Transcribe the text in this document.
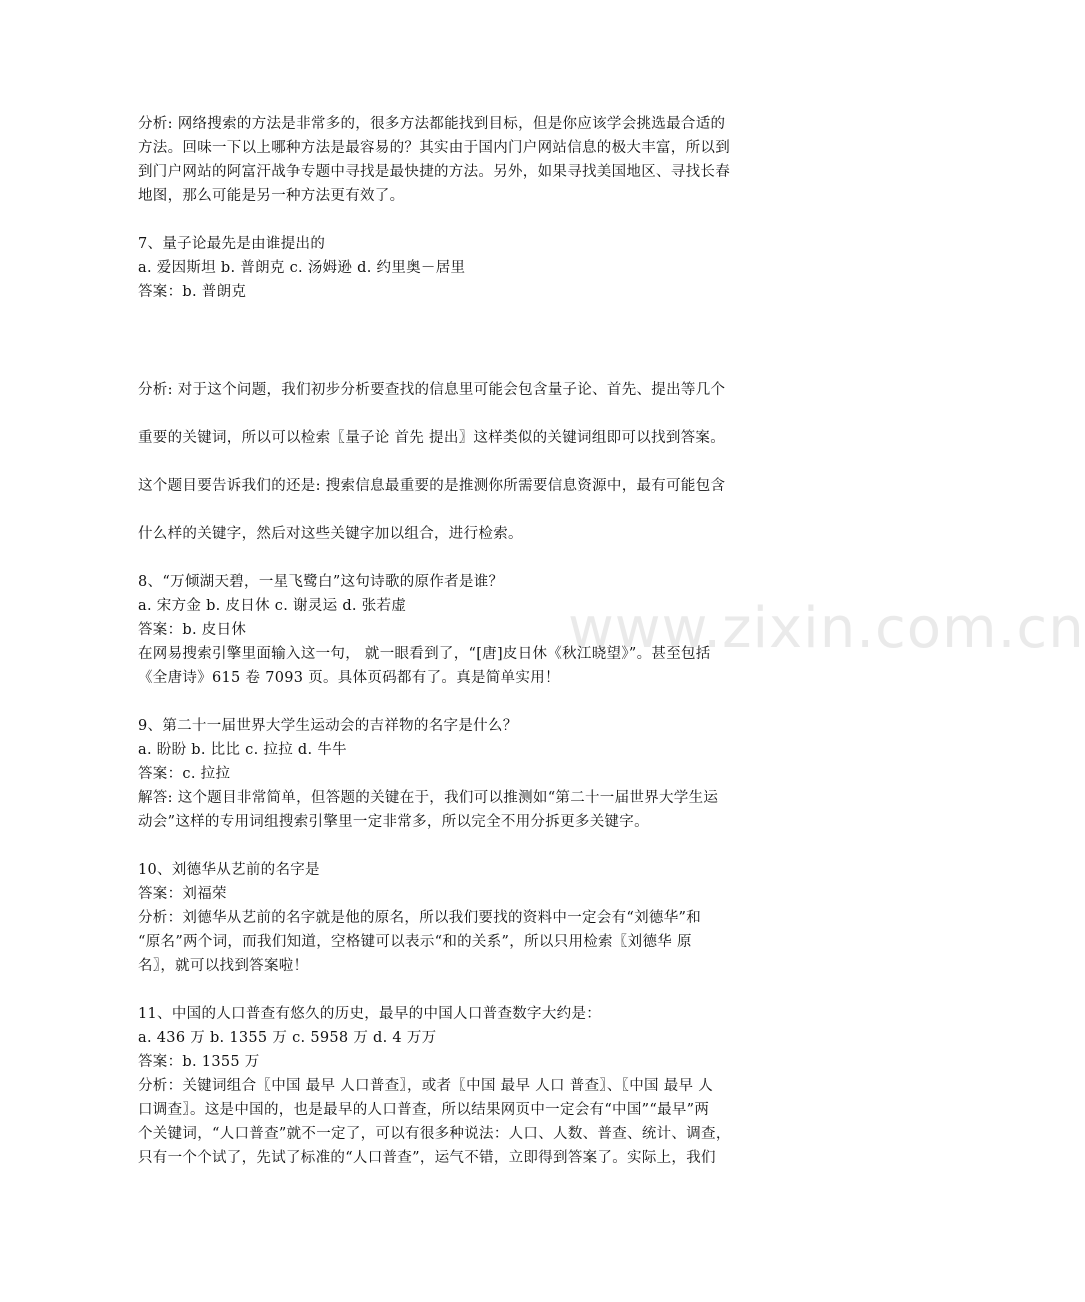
www.zixin.com.cn
分析: 网络搜索的方法是非常多的，很多方法都能找到目标，但是你应该学会挑选最合适的
方法。回味一下以上哪种方法是最容易的？其实由于国内门户网站信息的极大丰富，所以到
到门户网站的阿富汗战争专题中寻找是最快捷的方法。另外，如果寻找美国地区、寻找长春
地图，那么可能是另一种方法更有效了。
7、量子论最先是由谁提出的
a. 爱因斯坦 b. 普朗克 c. 汤姆逊 d. 约里奥－居里
答案：b. 普朗克
分析: 对于这个问题，我们初步分析要查找的信息里可能会包含量子论、首先、提出等几个
重要的关键词，所以可以检索〖量子论 首先 提出〗这样类似的关键词组即可以找到答案。
这个题目要告诉我们的还是: 搜索信息最重要的是推测你所需要信息资源中，最有可能包含
什么样的关键字，然后对这些关键字加以组合，进行检索。
8、“万倾湖天碧，一星飞鹭白”这句诗歌的原作者是谁？
a. 宋方金 b. 皮日休 c. 谢灵运 d. 张若虚
答案：b. 皮日休
在网易搜索引擎里面输入这一句， 就一眼看到了，“[唐]皮日休《秋江晓望》”。甚至包括
《全唐诗》615 卷 7093 页。具体页码都有了。真是简单实用！
9、第二十一届世界大学生运动会的吉祥物的名字是什么？
a. 盼盼 b. 比比 c. 拉拉 d. 牛牛
答案：c. 拉拉
解答: 这个题目非常简单，但答题的关键在于，我们可以推测如“第二十一届世界大学生运
动会”这样的专用词组搜索引擎里一定非常多，所以完全不用分拆更多关键字。
10、刘德华从艺前的名字是
答案：刘福荣
分析：刘德华从艺前的名字就是他的原名，所以我们要找的资料中一定会有“刘德华”和
“原名”两个词，而我们知道，空格键可以表示“和的关系”，所以只用检索〖刘德华 原
名〗，就可以找到答案啦！
11、中国的人口普查有悠久的历史，最早的中国人口普查数字大约是：
a. 436 万 b. 1355 万 c. 5958 万 d. 4 万万
答案：b. 1355 万
分析：关键词组合〖中国 最早 人口普查〗，或者〖中国 最早 人口 普查〗、〖中国 最早 人
口调查〗。这是中国的，也是最早的人口普查，所以结果网页中一定会有“中国”“最早”两
个关键词，“人口普查”就不一定了，可以有很多种说法：人口、人数、普查、统计、调查，
只有一个个试了，先试了标准的“人口普查”，运气不错，立即得到答案了。实际上，我们
